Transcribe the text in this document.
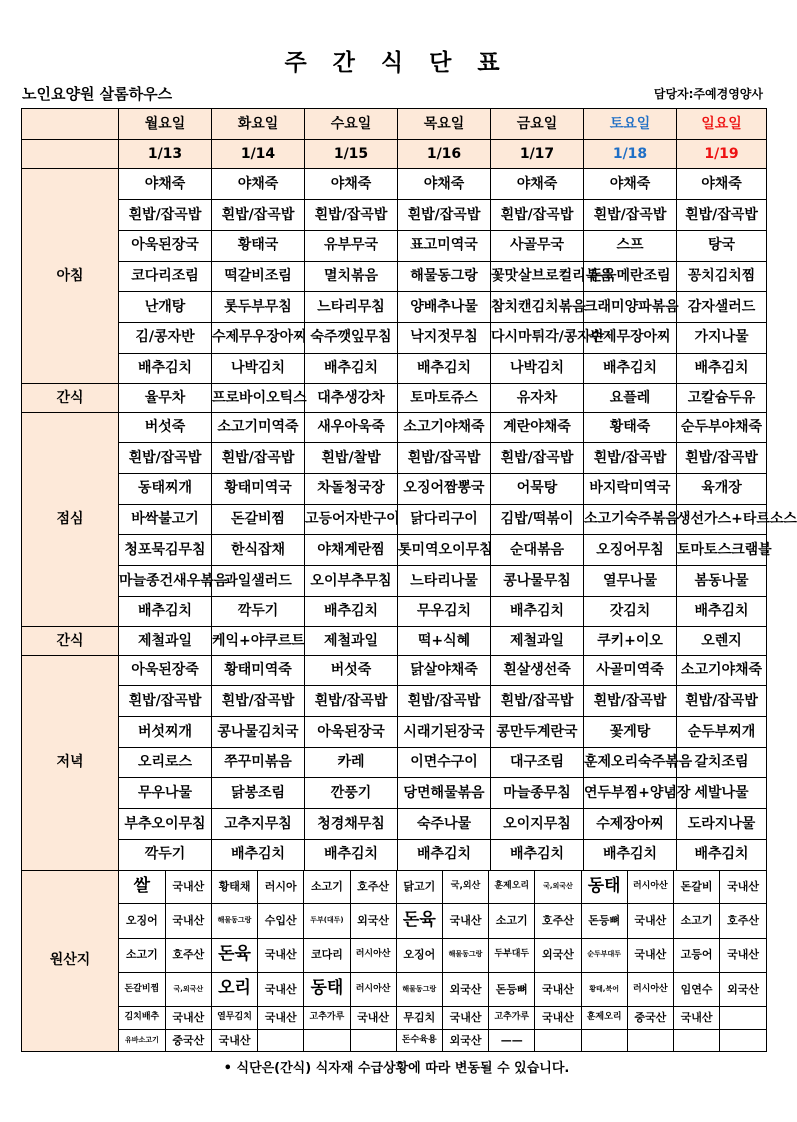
주 간 식 단 표
노인요양원 살롬하우스	담당자:주예경영양사
	월요일	화요일	수요일	목요일	금요일	토요일	일요일
	1/13	1/14	1/15	1/16	1/17	1/18	1/19
아침	야채죽	야채죽	야채죽	야채죽	야채죽	야채죽	야채죽
흰밥/잡곡밥	흰밥/잡곡밥	흰밥/잡곡밥	흰밥/잡곡밥	흰밥/잡곡밥	흰밥/잡곡밥	흰밥/잡곡밥
아욱된장국	황태국	유부무국	표고미역국	사골무국	스프	탕국
코다리조림	떡갈비조림	멸치볶음	해물동그랑	꽃맛살브로컬리볶음	돈육메란조림	꽁치김치찜
난개탕	롯두부무침	느타리무침	양배추나물	참치캔김치볶음	크래미양파볶음	감자샐러드
김/콩자반	수제무우장아찌	숙주깻잎무침	낙지젓무침	다시마튀각/콩자반	수제무장아찌	가지나물
배추김치	나박김치	배추김치	배추김치	나박김치	배추김치	배추김치
간식	율무차	프로바이오틱스	대추생강차	토마토쥬스	유자차	요플레	고칼슘두유
점심	버섯죽	소고기미역죽	새우아욱죽	소고기야채죽	계란야채죽	황태죽	순두부야채죽
흰밥/잡곡밥	흰밥/잡곡밥	흰밥/찰밥	흰밥/잡곡밥	흰밥/잡곡밥	흰밥/잡곡밥	흰밥/잡곡밥
동태찌개	황태미역국	차돌청국장	오징어짬뽕국	어묵탕	바지락미역국	육개장
바싹불고기	돈갈비찜	고등어자반구이	닭다리구이	김밥/떡볶이	소고기숙주볶음	생선가스+타르소스
청포묵김무침	한식잡채	야채계란찜	톳미역오이무침	순대볶음	오징어무침	토마토스크램블
마늘종건새우볶음	과일샐러드	오이부추무침	느타리나물	콩나물무침	열무나물	봄동나물
배추김치	깍두기	배추김치	무우김치	배추김치	갓김치	배추김치
간식	제철과일	케익+야쿠르트	제철과일	떡+식혜	제철과일	쿠키+이오	오렌지
저녁	아욱된장죽	황태미역죽	버섯죽	닭살야채죽	흰살생선죽	사골미역죽	소고기야채죽
흰밥/잡곡밥	흰밥/잡곡밥	흰밥/잡곡밥	흰밥/잡곡밥	흰밥/잡곡밥	흰밥/잡곡밥	흰밥/잡곡밥
버섯찌개	콩나물김치국	아욱된장국	시래기된장국	콩만두계란국	꽃게탕	순두부찌개
오리로스	쭈꾸미볶음	카레	이면수구이	대구조림	훈제오리숙주볶음	갈치조림
무우나물	닭봉조림	깐풍기	당면해물볶음	마늘종무침	연두부찜+양념장	세발나물
부추오이무침	고추지무침	청경채무침	숙주나물	오이지무침	수제장아찌	도라지나물
깍두기	배추김치	배추김치	배추김치	배추김치	배추김치	배추김치
원산지	
쌀	국내산	황태채	러시아	소고기	호주산	닭고기	국,외산	훈제오리	국,외국산	동태	러시아산	돈갈비	국내산
오징어	국내산	해물동그랑	수입산	두부(대두)	외국산	돈육	국내산	소고기	호주산	돈등뼈	국내산	소고기	호주산
소고기	호주산	돈육	국내산	코다리	러시아산	오징어	해물동그랑	두부대두	외국산	순두부대두	국내산	고등어	국내산
돈갈비찜	국,외국산	오리	국내산	동태	러시아산	해물동그랑	외국산	돈등뼈	국내산	황태,북어	러시아산	임연수	외국산
김치배추	국내산	열무김치	국내산	고추가루	국내산	무김치	국내산	고추가루	국내산	훈제오리	중국산	국내산	
유바소고기	중국산	국내산				돈수육용	외국산	——					
• 식단은(간식) 식자재 수급상황에 따라 변동될 수 있습니다.
